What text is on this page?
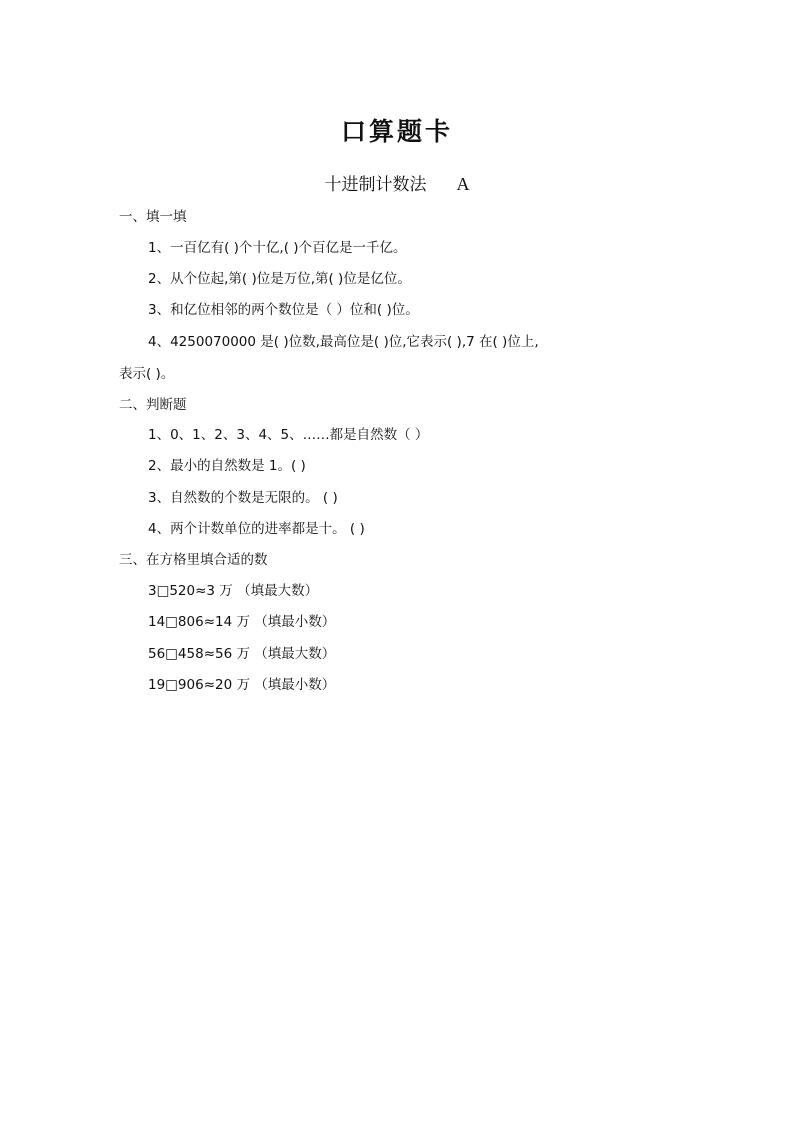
口算题卡
十进制计数法 A
一、填一填
1、一百亿有( )个十亿,( )个百亿是一千亿。
2、从个位起,第( )位是万位,第( )位是亿位。
3、和亿位相邻的两个数位是（ ）位和( )位。
4、4250070000 是( )位数,最高位是( )位,它表示( ),7 在( )位上,
表示( )。
二、判断题
1、0、1、2、3、4、5、……都是自然数（ ）
2、最小的自然数是 1。( )
3、自然数的个数是无限的。 ( )
4、两个计数单位的进率都是十。 ( )
三、在方格里填合适的数
3□520≈3 万 （填最大数）
14□806≈14 万 （填最小数）
56□458≈56 万 （填最大数）
19□906≈20 万 （填最小数）
